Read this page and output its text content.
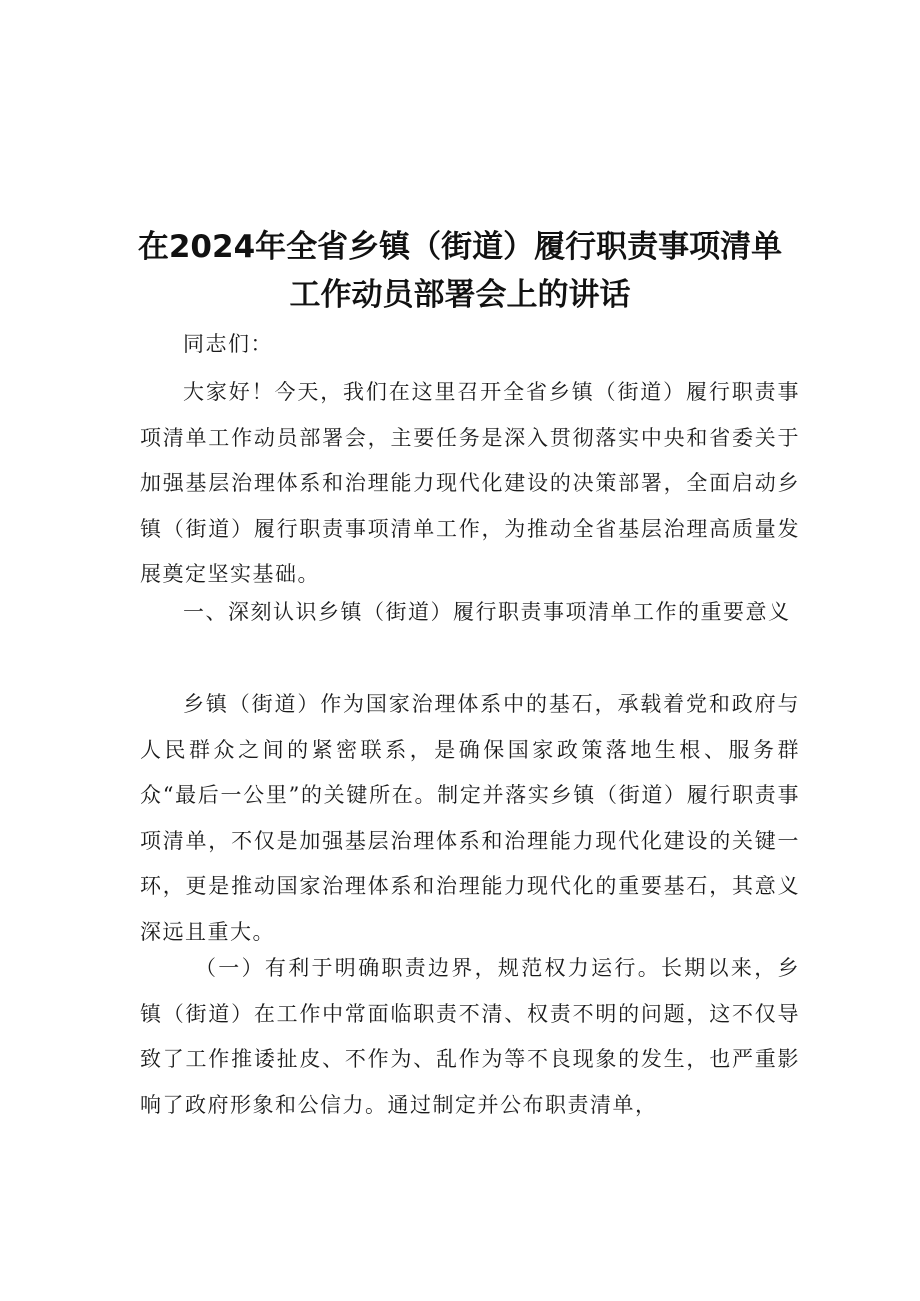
在2024年全省乡镇（街道）履行职责事项清单
工作动员部署会上的讲话

同志们：

大家好！今天，我们在这里召开全省乡镇（街道）履行职责事项清单工作动员部署会，主要任务是深入贯彻落实中央和省委关于加强基层治理体系和治理能力现代化建设的决策部署，全面启动乡镇（街道）履行职责事项清单工作，为推动全省基层治理高质量发展奠定坚实基础。

一、深刻认识乡镇（街道）履行职责事项清单工作的重要意义

乡镇（街道）作为国家治理体系中的基石，承载着党和政府与人民群众之间的紧密联系，是确保国家政策落地生根、服务群众“最后一公里”的关键所在。制定并落实乡镇（街道）履行职责事项清单，不仅是加强基层治理体系和治理能力现代化建设的关键一环，更是推动国家治理体系和治理能力现代化的重要基石，其意义深远且重大。

（一）有利于明确职责边界，规范权力运行。长期以来，乡镇（街道）在工作中常面临职责不清、权责不明的问题，这不仅导致了工作推诿扯皮、不作为、乱作为等不良现象的发生，也严重影响了政府形象和公信力。通过制定并公布职责清单，
